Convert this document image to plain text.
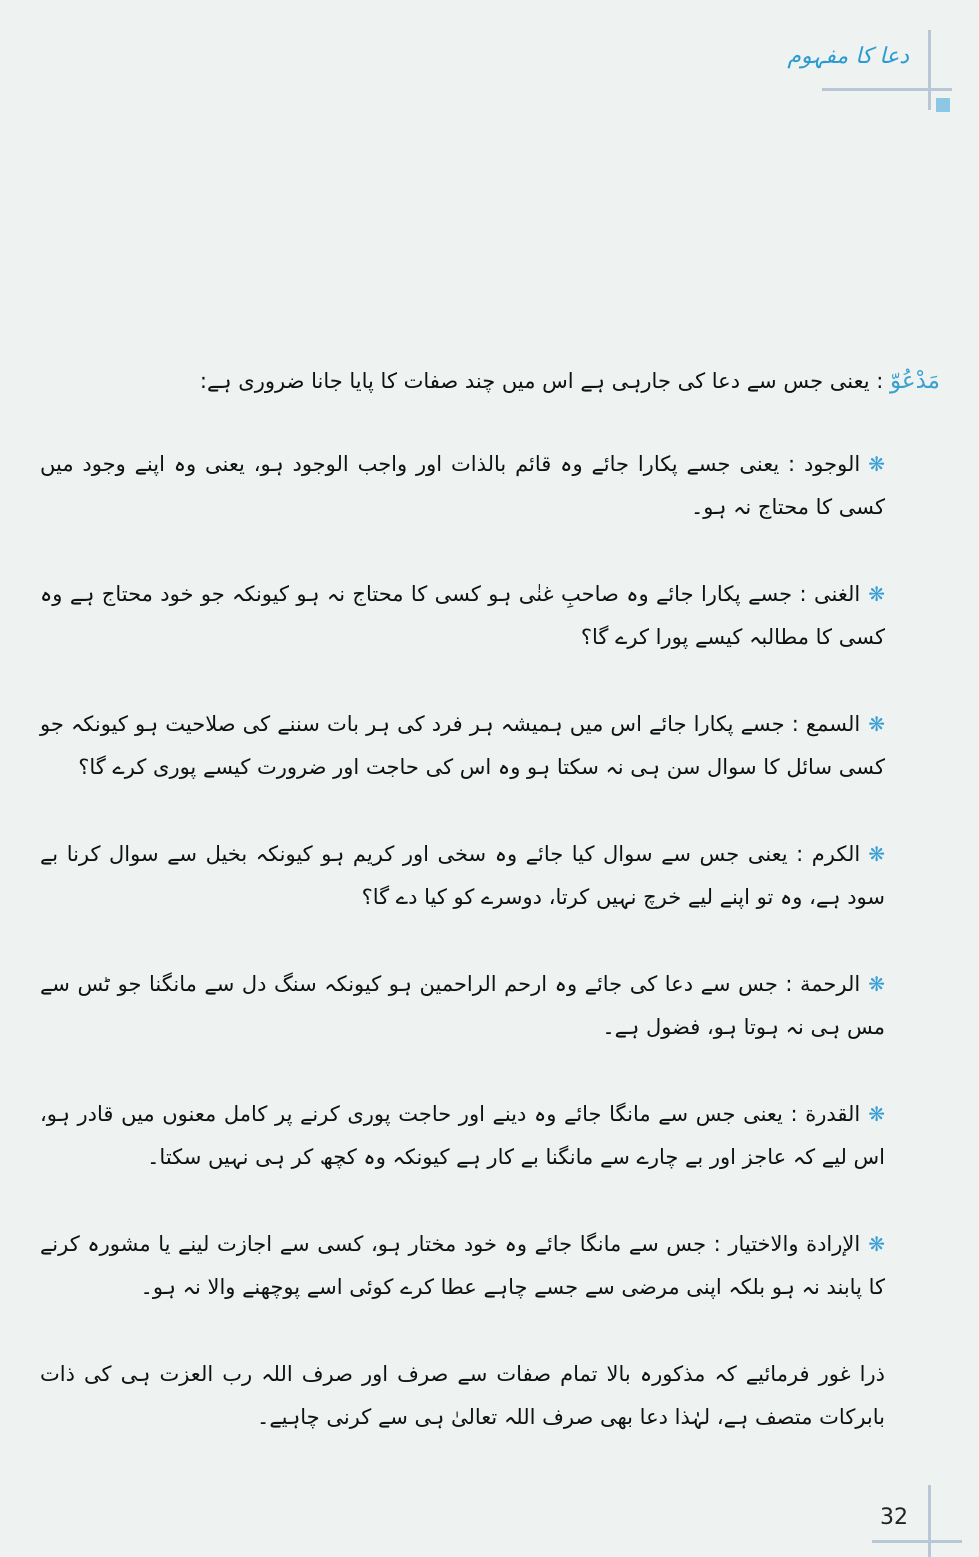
دعا کا مفہوم

مَدْعُوّ : یعنی جس سے دعا کی جارہی ہے اس میں چند صفات کا پایا جانا ضروری ہے:

❋الوجود : یعنی جسے پکارا جائے وہ قائم بالذات اور واجب الوجود ہو، یعنی وہ اپنے وجود میں کسی کا محتاج نہ ہو۔

❋الغنی : جسے پکارا جائے وہ صاحبِ غنٰی ہو کسی کا محتاج نہ ہو کیونکہ جو خود محتاج ہے وہ کسی کا مطالبہ کیسے پورا کرے گا؟

❋السمع : جسے پکارا جائے اس میں ہمیشہ ہر فرد کی ہر بات سننے کی صلاحیت ہو کیونکہ جو کسی سائل کا سوال سن ہی نہ سکتا ہو وہ اس کی حاجت اور ضرورت کیسے پوری کرے گا؟

❋الکرم : یعنی جس سے سوال کیا جائے وہ سخی اور کریم ہو کیونکہ بخیل سے سوال کرنا بے سود ہے، وہ تو اپنے لیے خرچ نہیں کرتا، دوسرے کو کیا دے گا؟

❋الرحمة : جس سے دعا کی جائے وہ ارحم الراحمین ہو کیونکہ سنگ دل سے مانگنا جو ٹس سے مس ہی نہ ہوتا ہو، فضول ہے۔

❋القدرة : یعنی جس سے مانگا جائے وہ دینے اور حاجت پوری کرنے پر کامل معنوں میں قادر ہو، اس لیے کہ عاجز اور بے چارے سے مانگنا بے کار ہے کیونکہ وہ کچھ کر ہی نہیں سکتا۔

❋الإرادة والاختیار : جس سے مانگا جائے وہ خود مختار ہو، کسی سے اجازت لینے یا مشورہ کرنے کا پابند نہ ہو بلکہ اپنی مرضی سے جسے چاہے عطا کرے کوئی اسے پوچھنے والا نہ ہو۔

ذرا غور فرمائیے کہ مذکورہ بالا تمام صفات سے صرف اور صرف اللہ رب العزت ہی کی ذات بابرکات متصف ہے، لہٰذا دعا بھی صرف اللہ تعالیٰ ہی سے کرنی چاہیے۔

32
